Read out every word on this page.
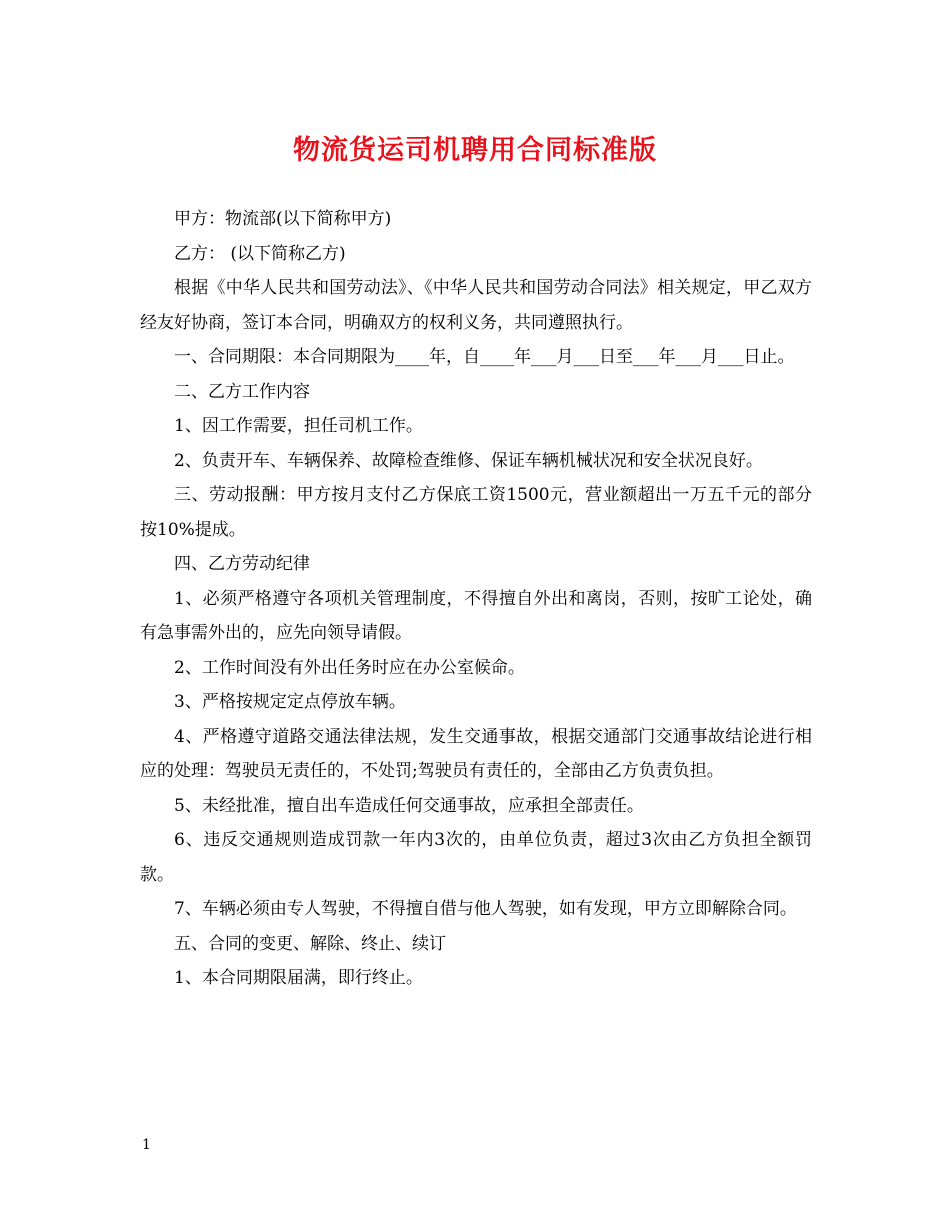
物流货运司机聘用合同标准版

甲方：物流部(以下简称甲方)

乙方： (以下简称乙方)

根据《中华人民共和国劳动法》、《中华人民共和国劳动合同法》相关规定，甲乙双方经友好协商，签订本合同，明确双方的权利义务，共同遵照执行。

一、合同期限：本合同期限为____年，自____年___月___日至___年___月___日止。

二、乙方工作内容

1、因工作需要，担任司机工作。

2、负责开车、车辆保养、故障检查维修、保证车辆机械状况和安全状况良好。

三、劳动报酬：甲方按月支付乙方保底工资1500元，营业额超出一万五千元的部分按10%提成。

四、乙方劳动纪律

1、必须严格遵守各项机关管理制度，不得擅自外出和离岗，否则，按旷工论处，确有急事需外出的，应先向领导请假。

2、工作时间没有外出任务时应在办公室候命。

3、严格按规定定点停放车辆。

4、严格遵守道路交通法律法规，发生交通事故，根据交通部门交通事故结论进行相应的处理：驾驶员无责任的，不处罚;驾驶员有责任的，全部由乙方负责负担。

5、未经批准，擅自出车造成任何交通事故，应承担全部责任。

6、违反交通规则造成罚款一年内3次的，由单位负责，超过3次由乙方负担全额罚款。

7、车辆必须由专人驾驶，不得擅自借与他人驾驶，如有发现，甲方立即解除合同。

五、合同的变更、解除、终止、续订

1、本合同期限届满，即行终止。

1
